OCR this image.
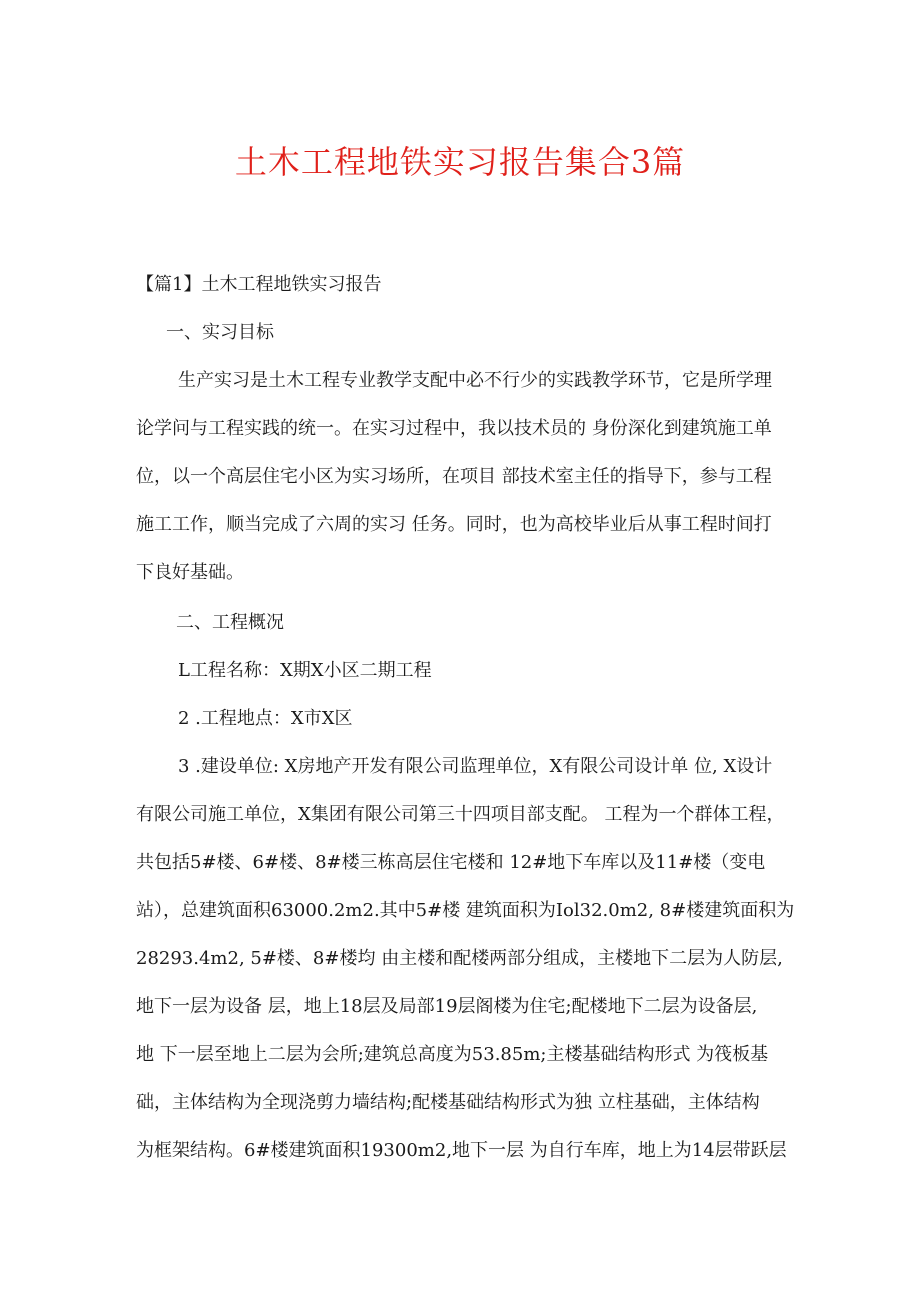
土木工程地铁实习报告集合3篇
【篇1】土木工程地铁实习报告
一、实习目标
生产实习是土木工程专业教学支配中必不行少的实践教学环节，它是所学理
论学问与工程实践的统一。在实习过程中，我以技术员的 身份深化到建筑施工单
位，以一个高层住宅小区为实习场所，在项目 部技术室主任的指导下，参与工程
施工工作，顺当完成了六周的实习 任务。同时，也为高校毕业后从事工程时间打
下良好基础。
二、工程概况
L工程名称：X期X小区二期工程
2 .工程地点：X市X区
3 .建设单位: X房地产开发有限公司监理单位，X有限公司设计单 位, X设计
有限公司施工单位，X集团有限公司第三十四项目部支配。 工程为一个群体工程，
共包括5#楼、6#楼、8#楼三栋高层住宅楼和 12#地下车库以及11#楼（变电
站），总建筑面积63000.2m2.其中5#楼 建筑面积为Iol32.0m2, 8#楼建筑面积为
28293.4m2, 5#楼、8#楼均 由主楼和配楼两部分组成，主楼地下二层为人防层,
地下一层为设备 层，地上18层及局部19层阁楼为住宅;配楼地下二层为设备层,
地 下一层至地上二层为会所;建筑总高度为53.85m;主楼基础结构形式 为筏板基
础，主体结构为全现浇剪力墙结构;配楼基础结构形式为独 立柱基础，主体结构
为框架结构。6#楼建筑面积19300m2,地下一层 为自行车库，地上为14层带跃层
